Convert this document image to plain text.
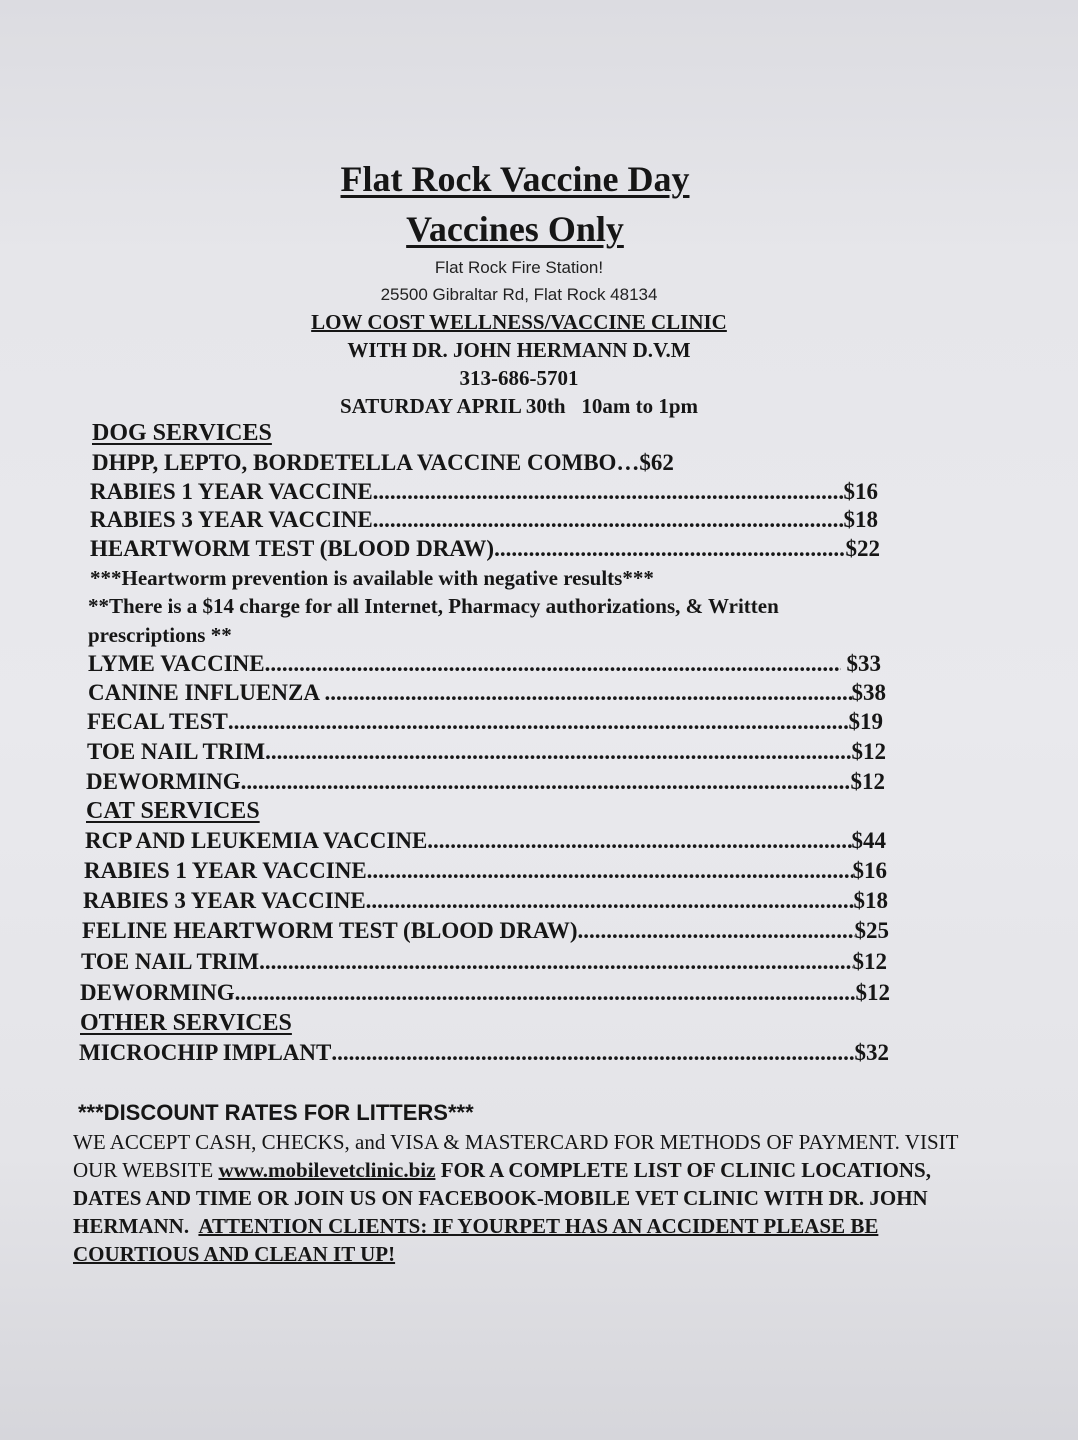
Flat Rock Vaccine Day
Vaccines Only
Flat Rock Fire Station!
25500 Gibraltar Rd, Flat Rock 48134
LOW COST WELLNESS/VACCINE CLINIC
WITH DR. JOHN HERMANN D.V.M
313-686-5701
SATURDAY APRIL 30th   10am to 1pm
DOG SERVICES
DHPP, LEPTO, BORDETELLA VACCINE COMBO…$62
RABIES 1 YEAR VACCINE .....	$16
RABIES 3 YEAR VACCINE .....	$18
HEARTWORM TEST (BLOOD DRAW) .....	$22
***Heartworm prevention is available with negative results***
**There is a $14 charge for all Internet, Pharmacy authorizations, & Written
prescriptions **
LYME VACCINE .....	$33
CANINE INFLUENZA .....	$38
FECAL TEST .....	$19
TOE NAIL TRIM .....	$12
DEWORMING .....	$12
CAT SERVICES
RCP AND LEUKEMIA VACCINE .....	$44
RABIES 1 YEAR VACCINE .....	$16
RABIES 3 YEAR VACCINE .....	$18
FELINE HEARTWORM TEST (BLOOD DRAW) .....	$25
TOE NAIL TRIM .....	$12
DEWORMING .....	$12
OTHER SERVICES
MICROCHIP IMPLANT .....	$32
***DISCOUNT RATES FOR LITTERS***
WE ACCEPT CASH, CHECKS, and VISA & MASTERCARD FOR METHODS OF PAYMENT. VISIT OUR WEBSITE www.mobilevetclinic.biz FOR A COMPLETE LIST OF CLINIC LOCATIONS, DATES AND TIME OR JOIN US ON FACEBOOK-MOBILE VET CLINIC WITH DR. JOHN HERMANN.  ATTENTION CLIENTS: IF YOURPET HAS AN ACCIDENT PLEASE BE COURTIOUS AND CLEAN IT UP!
